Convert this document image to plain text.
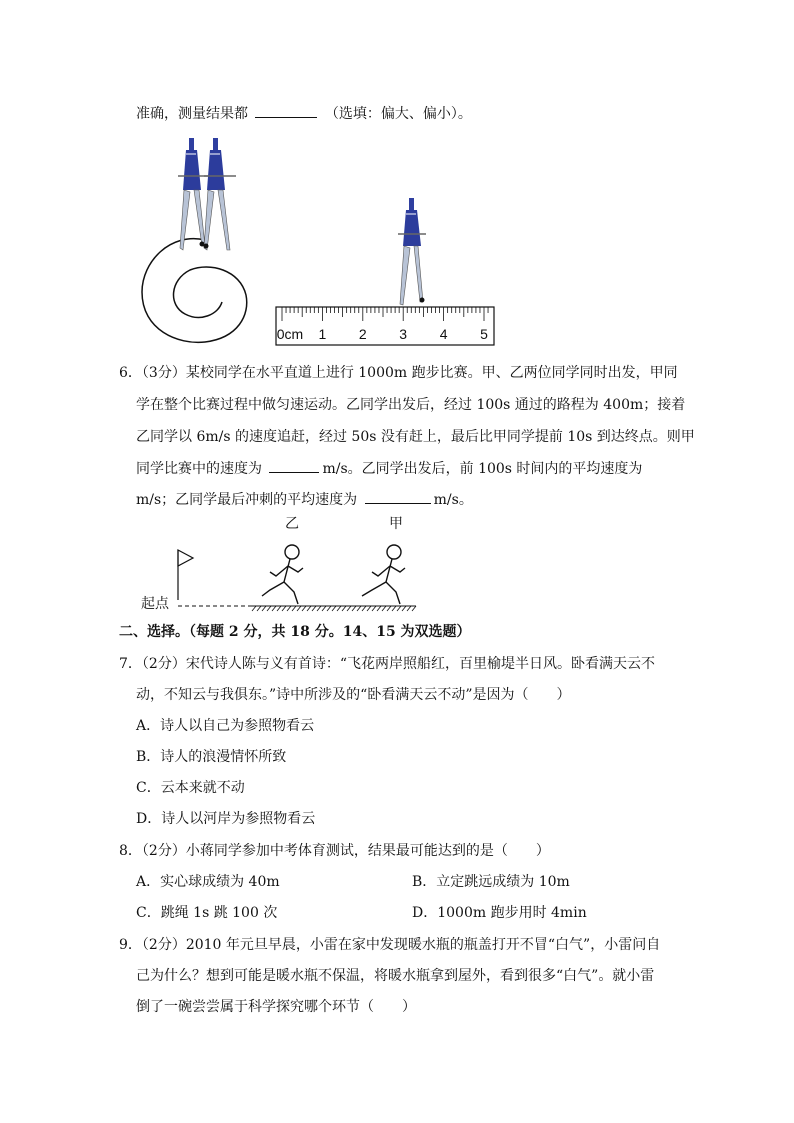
准确，测量结果都	（选填：偏大、偏小）。
0cm 1 2 3 4 5
6．（3分）某校同学在水平直道上进行 1000m 跑步比赛。甲、乙两位同学同时出发，甲同
学在整个比赛过程中做匀速运动。乙同学出发后，经过 100s 通过的路程为 400m；接着
乙同学以 6m/s 的速度追赶，经过 50s 没有赶上，最后比甲同学提前 10s 到达终点。则甲
同学比赛中的速度为	m/s。乙同学出发后，前 100s 时间内的平均速度为
m/s；乙同学最后冲刺的平均速度为	m/s。
乙	甲
起点
二、选择。（每题 2 分，共 18 分。14、15 为双选题）
7．（2分）宋代诗人陈与义有首诗：“飞花两岸照船红，百里榆堤半日风。卧看满天云不
动，不知云与我俱东。”诗中所涉及的“卧看满天云不动”是因为（　　）
A．诗人以自己为参照物看云
B．诗人的浪漫情怀所致
C．云本来就不动
D．诗人以河岸为参照物看云
8．（2分）小蒋同学参加中考体育测试，结果最可能达到的是（　　）
A．实心球成绩为 40m	B．立定跳远成绩为 10m
C．跳绳 1s 跳 100 次	D．1000m 跑步用时 4min
9．（2分）2010 年元旦早晨，小雷在家中发现暖水瓶的瓶盖打开不冒“白气”，小雷问自
己为什么？想到可能是暖水瓶不保温，将暖水瓶拿到屋外，看到很多“白气”。就小雷
倒了一碗尝尝属于科学探究哪个环节（　　）
